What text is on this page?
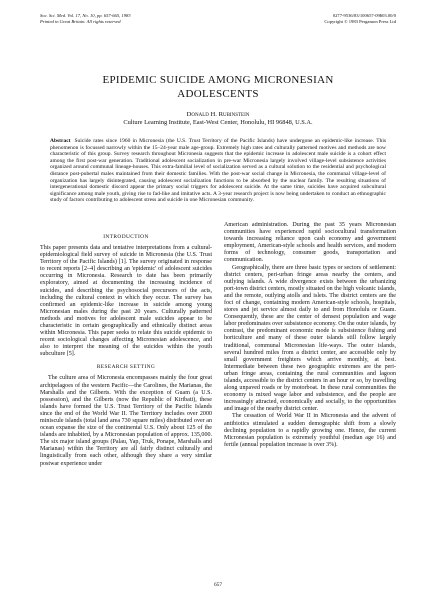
Soc. Sci. Med. Vol. 17, No. 10, pp. 657-665, 1983
Printed in Great Britain. All rights reserved
0277-9536/83/100657-09$03.00/0
Copyright © 1983 Pergamon Press Ltd
EPIDEMIC SUICIDE AMONG MICRONESIAN
ADOLESCENTS
Donald H. Rubinstein
Culture Learning Institute, East-West Center, Honolulu, HI 96848, U.S.A.
Abstract Suicide rates since 1960 in Micronesia (the U.S. Trust Territory of the Pacific Islands) have undergone an epidemic-like increase. This phenomenon is focussed narrowly within the 15–24-year male age-group. Extremely high rates and culturally patterned motives and methods are now characteristic of this group. Survey research throughout Micronesia suggests that the epidemic increase in adolescent male suicide is a cohort effect among the first post-war generation. Traditional adolescent socialization in pre-war Micronesia largely involved village-level subsistence activities organized around communal lineage-houses. This extra-familial level of socialization served as a cultural solution to the residential and psychological distance post-pubertal males maintained from their domestic families. With the post-war social change in Micronesia, the communal village-level of organization has largely disintegrated, causing adolescent socialization functions to be absorbed by the nuclear family. The resulting situations of intergenerational domestic discord appear the primary social triggers for adolescent suicide. At the same time, suicides have acquired subcultural significance among male youth, giving rise to fad-like and imitative acts. A 3-year research project is now being undertaken to conduct an ethnographic study of factors contributing to adolescent stress and suicide in one Micronesian community.
INTRODUCTION

This paper presents data and tentative interpretations from a cultural-epidemiological field survey of suicide in Micronesia (the U.S. Trust Territory of the Pacific Islands) [1]. The survey originated in response to recent reports [2–4] describing an 'epidemic' of adolescent suicides occurring in Micronesia. Research to date has been primarily exploratory, aimed at documenting the increasing incidence of suicides, and describing the psychosocial precursors of the acts, including the cultural context in which they occur. The survey has confirmed an epidemic-like increase in suicide among young Micronesian males during the past 20 years. Culturally patterned methods and motives for adolescent male suicides appear to be characteristic in certain geographically and ethnically distinct areas within Micronesia. This paper seeks to relate this suicide epidemic to recent sociological changes affecting Micronesian adolescence, and also to interpret the meaning of the suicides within the youth subculture [5].

RESEARCH SETTING

The culture area of Micronesia encompasses mainly the four great archipelagoes of the western Pacific—the Carolines, the Marianas, the Marshalls and the Gilberts. With the exception of Guam (a U.S. possession), and the Gilberts (now the Republic of Kiribati), these islands have formed the U.S. Trust Territory of the Pacific Islands since the end of the World War II. The Territory includes over 2000 miniscule islands (total land area 730 square miles) distributed over an ocean expanse the size of the continental U.S. Only about 125 of the islands are inhabited, by a Micronesian population of approx. 135,000. The six major island groups (Palau, Yap, Truk, Ponape, Marshalls and Marianas) within the Territory are all fairly distinct culturally and linguistically from each other, although they share a very similar postwar experience under

American administration. During the past 35 years Micronesian communities have experienced rapid sociocultural transformation towards increasing reliance upon cash economy and government employment, American-style schools and health services, and modern forms of technology, consumer goods, transportation and communication.

Geographically, there are three basic types or sectors of settlement: district centers, peri-urban fringe areas nearby the centers, and outlying islands. A wide divergence exists between the urbanizing port-town district centers, mostly situated on the high volcanic islands, and the remote, outlying atolls and islets. The district centers are the foci of change, containing modern American-style schools, hospitals, stores and jet service almost daily to and from Honolulu or Guam. Consequently, these are the center of densest population and wage labor predominates over subsistence economy. On the outer islands, by contrast, the predominant economic mode is subsistence fishing and horticulture and many of these outer islands still follow largely traditional, communal Micronesian life-ways. The outer islands, several hundred miles from a district center, are accessible only by small government freighters which arrive monthly, at best. Intermediate between these two geographic extremes are the peri-urban fringe areas, containing the rural communities and lagoon islands, accessible to the district centers in an hour or so, by travelling along unpaved roads or by motorboat. In these rural communities the economy is mixed wage labor and subsistence, and the people are increasingly attracted, economically and socially, to the opportunities and image of the nearby district center.

The cessation of World War II in Micronesia and the advent of antibiotics stimulated a sudden demographic shift from a slowly declining population to a rapidly growing one. Hence, the current Micronesian population is extremely youthful (median age 16) and fertile (annual population increase is over 3%).

657
